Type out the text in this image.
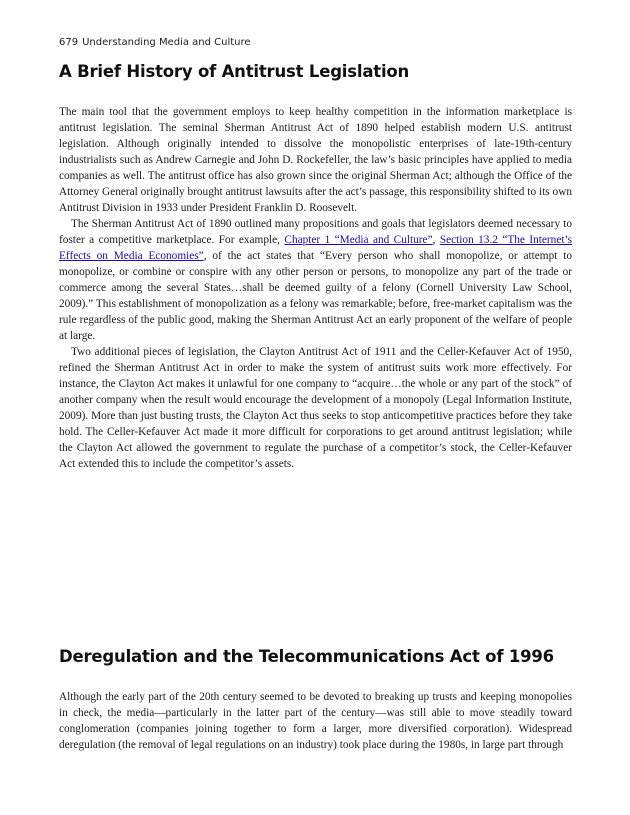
679 Understanding Media and Culture
A Brief History of Antitrust Legislation

The main tool that the government employs to keep healthy competition in the information marketplace is antitrust legislation. The seminal Sherman Antitrust Act of 1890 helped establish modern U.S. antitrust legislation. Although originally intended to dissolve the monopolistic enterprises of late-19th-century industrialists such as Andrew Carnegie and John D. Rockefeller, the law’s basic principles have applied to media companies as well. The antitrust office has also grown since the original Sherman Act; although the Office of the Attorney General originally brought antitrust lawsuits after the act’s passage, this responsibility shifted to its own Antitrust Division in 1933 under President Franklin D. Roosevelt.

The Sherman Antitrust Act of 1890 outlined many propositions and goals that legislators deemed necessary to foster a competitive marketplace. For example, Chapter 1 “Media and Culture”, Section 13.2 “The Internet’s Effects on Media Economies”, of the act states that “Every person who shall monopolize, or attempt to monopolize, or combine or conspire with any other person or persons, to monopolize any part of the trade or commerce among the several States…shall be deemed guilty of a felony (Cornell University Law School, 2009).” This establishment of monopolization as a felony was remarkable; before, free-market capitalism was the rule regardless of the public good, making the Sherman Antitrust Act an early proponent of the welfare of people at large.

Two additional pieces of legislation, the Clayton Antitrust Act of 1911 and the Celler-Kefauver Act of 1950, refined the Sherman Antitrust Act in order to make the system of antitrust suits work more effectively. For instance, the Clayton Act makes it unlawful for one company to “acquire…the whole or any part of the stock” of another company when the result would encourage the development of a monopoly (Legal Information Institute, 2009). More than just busting trusts, the Clayton Act thus seeks to stop anticompetitive practices before they take hold. The Celler-Kefauver Act made it more difficult for corporations to get around antitrust legislation; while the Clayton Act allowed the government to regulate the purchase of a competitor’s stock, the Celler-Kefauver Act extended this to include the competitor’s assets.

Deregulation and the Telecommunications Act of 1996

Although the early part of the 20th century seemed to be devoted to breaking up trusts and keeping monopolies in check, the media—particularly in the latter part of the century—was still able to move steadily toward conglomeration (companies joining together to form a larger, more diversified corporation). Widespread deregulation (the removal of legal regulations on an industry) took place during the 1980s, in large part through
